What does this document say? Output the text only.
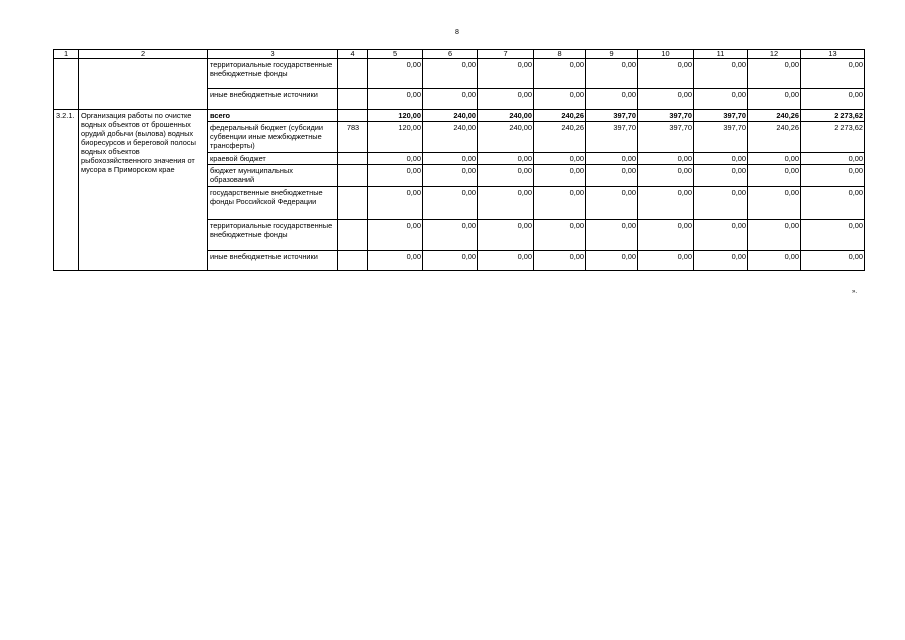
8
1	2	3	4	5	6	7	8	9	10	11	12	13
		территориальные государственные внебюджетные фонды		0,00	0,00	0,00	0,00	0,00	0,00	0,00	0,00	0,00
		иные внебюджетные источники		0,00	0,00	0,00	0,00	0,00	0,00	0,00	0,00	0,00
3.2.1.	Организация работы по очистке водных объектов от брошенных орудий добычи (вылова) водных биоресурсов и береговой полосы водных объектов рыбохозяйственного значения от мусора в Приморском крае	всего		120,00	240,00	240,00	240,26	397,70	397,70	397,70	240,26	2 273,62
		федеральный бюджет (субсидии субвенции иные межбюджетные трансферты)	783	120,00	240,00	240,00	240,26	397,70	397,70	397,70	240,26	2 273,62
		краевой бюджет		0,00	0,00	0,00	0,00	0,00	0,00	0,00	0,00	0,00
		бюджет муниципальных образований		0,00	0,00	0,00	0,00	0,00	0,00	0,00	0,00	0,00
		государственные внебюджетные фонды Российской Федерации		0,00	0,00	0,00	0,00	0,00	0,00	0,00	0,00	0,00
		территориальные государственные внебюджетные фонды		0,00	0,00	0,00	0,00	0,00	0,00	0,00	0,00	0,00
		иные внебюджетные источники		0,00	0,00	0,00	0,00	0,00	0,00	0,00	0,00	0,00
».
